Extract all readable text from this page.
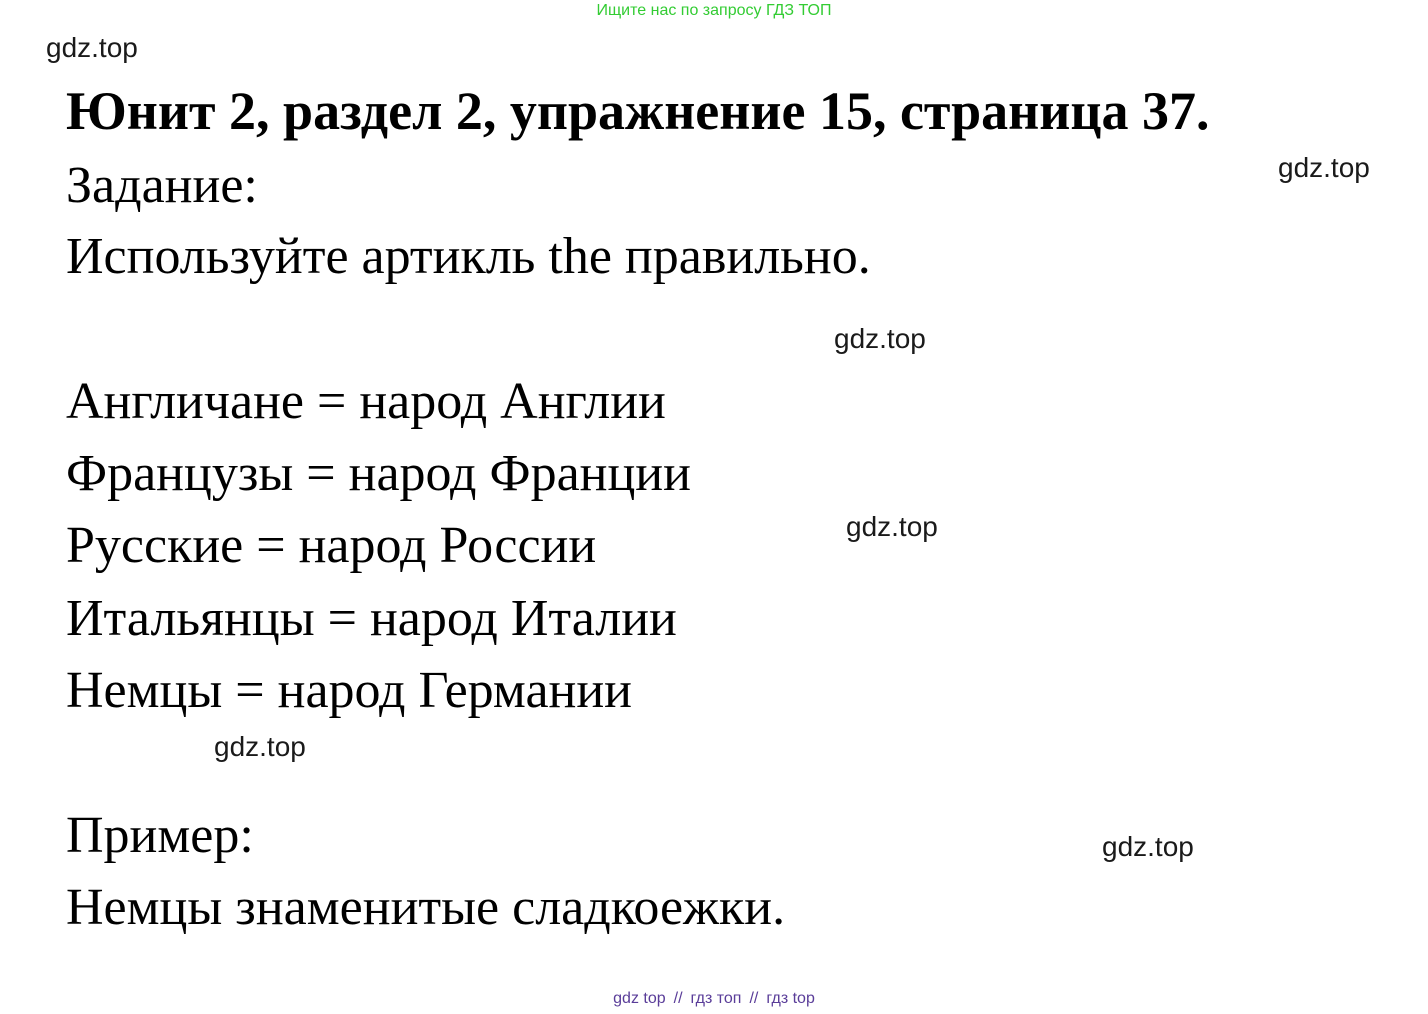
Ищите нас по запросу ГДЗ ТОП
gdz.top
gdz.top
gdz.top
gdz.top
gdz.top
gdz.top
Юнит 2, раздел 2, упражнение 15, страница 37.
Задание:
Используйте артикль the правильно.
Англичане = народ Англии
Французы = народ Франции
Русские = народ России
Итальянцы = народ Италии
Немцы = народ Германии
Пример:
Немцы знаменитые сладкоежки.
gdz top // гдз топ // гдз top
